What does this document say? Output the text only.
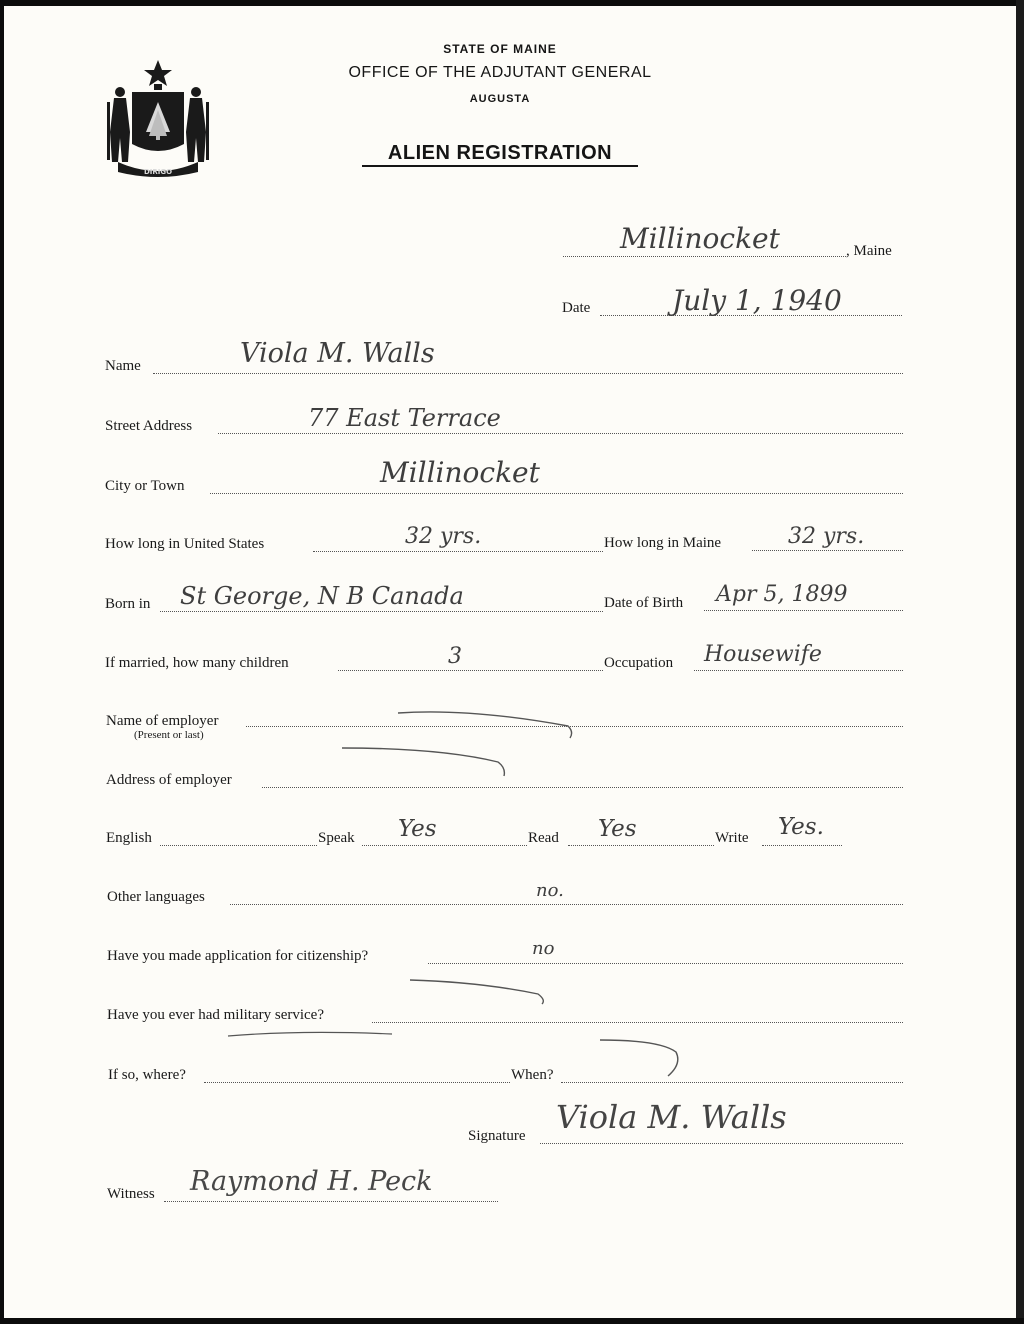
DIRIGO
STATE OF MAINE
OFFICE OF THE ADJUTANT GENERAL
AUGUSTA
ALIEN REGISTRATION
Millinocket	, Maine
Date	July 1, 1940
Name	Viola M. Walls
Street Address	77 East Terrace
City or Town	Millinocket
How long in United States	32 yrs.	How long in Maine	32 yrs.
Born in St George, N B Canada	Date of Birth Apr 5, 1899
If married, how many children	3	Occupation Housewife
Name of employer
(Present or last)
Address of employer
English	Speak Yes	Read Yes	Write Yes.
Other languages	no.
Have you made application for citizenship?	no
Have you ever had military service?
If so, where?	When?
Signature Viola M. Walls
Witness Raymond H. Peck
